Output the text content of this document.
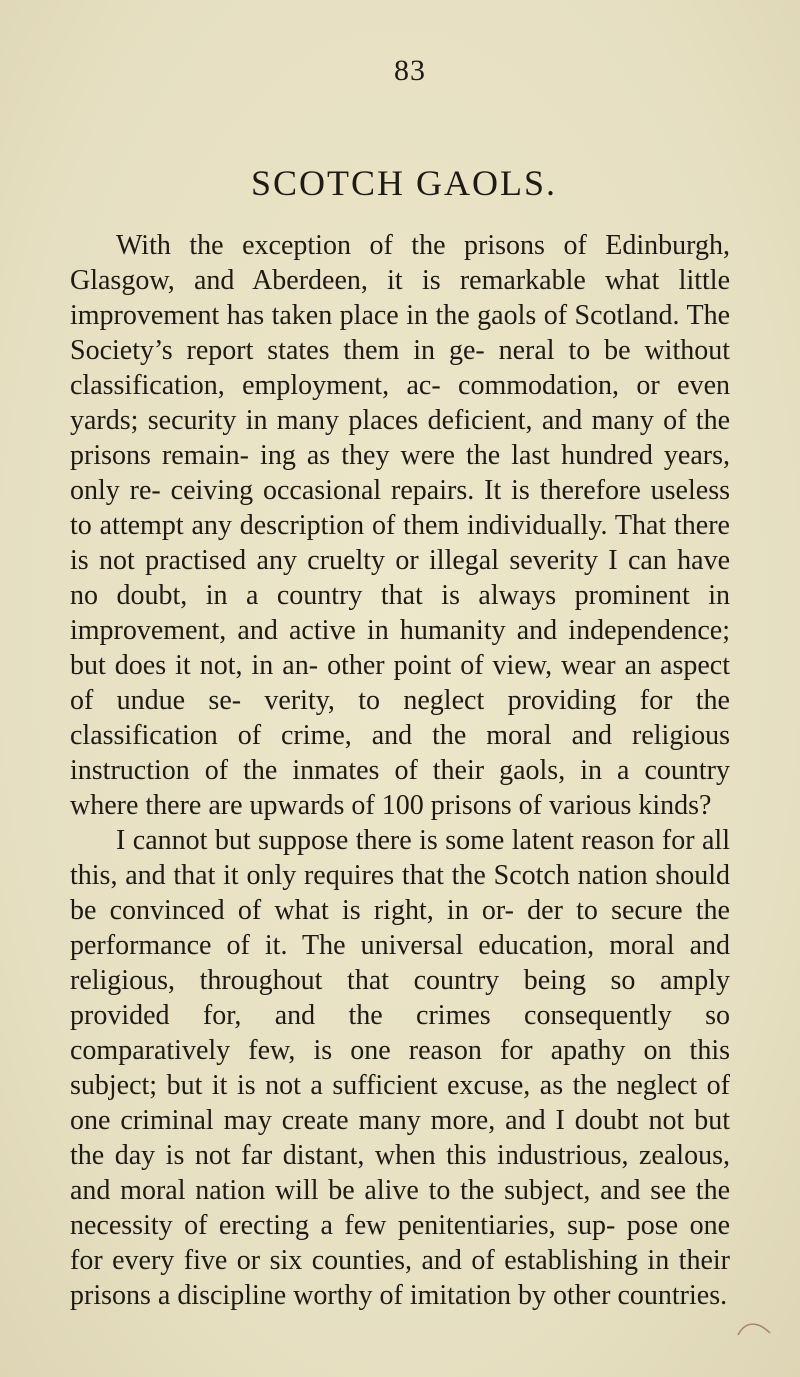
83
SCOTCH GAOLS.

With the exception of the prisons of Edinburgh, Glasgow, and Aberdeen, it is remarkable what little improvement has taken place in the gaols of Scotland. The Society’s report states them in ge- neral to be without classification, employment, ac- commodation, or even yards; security in many places deficient, and many of the prisons remain- ing as they were the last hundred years, only re- ceiving occasional repairs. It is therefore useless to attempt any description of them individually. That there is not practised any cruelty or illegal severity I can have no doubt, in a country that is always prominent in improvement, and active in humanity and independence; but does it not, in an- other point of view, wear an aspect of undue se- verity, to neglect providing for the classification of crime, and the moral and religious instruction of the inmates of their gaols, in a country where there are upwards of 100 prisons of various kinds?

I cannot but suppose there is some latent reason for all this, and that it only requires that the Scotch nation should be convinced of what is right, in or- der to secure the performance of it. The universal education, moral and religious, throughout that country being so amply provided for, and the crimes consequently so comparatively few, is one reason for apathy on this subject; but it is not a sufficient excuse, as the neglect of one criminal may create many more, and I doubt not but the day is not far distant, when this industrious, zealous, and moral nation will be alive to the subject, and see the necessity of erecting a few penitentiaries, sup- pose one for every five or six counties, and of establishing in their prisons a discipline worthy of imitation by other countries.
